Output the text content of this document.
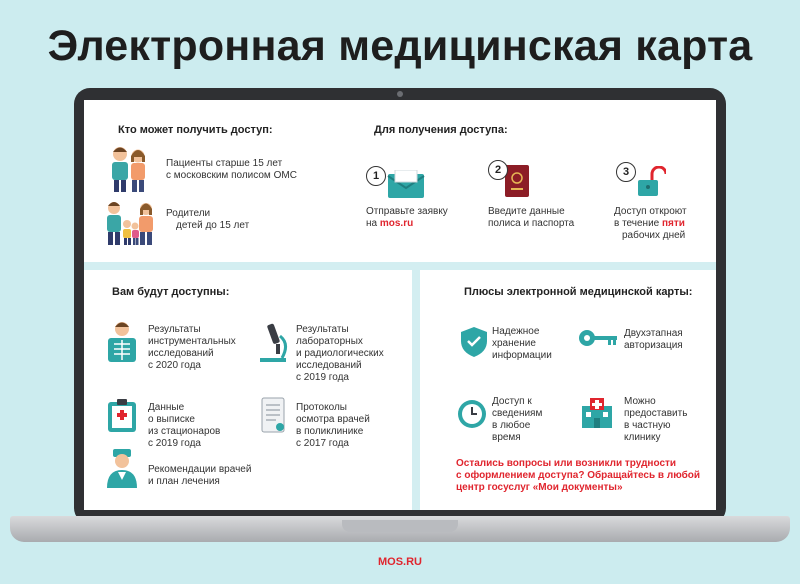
Электронная медицинская карта
Кто может получить доступ:
Пациенты старше 15 лет
с московским полисом ОМС
Родители
детей до 15 лет
Для получения доступа:
1
Отправьте заявку
на mos.ru
2
Введите данные
полиса и паспорта
3
Доступ откроют
в течение пяти
рабочих дней
Вам будут доступны:
Результаты
инструментальных
исследований
с 2020 года
Результаты
лабораторных
и радиологических
исследований
с 2019 года
Данные
о выписке
из стационаров
с 2019 года
Протоколы
осмотра врачей
в поликлинике
с 2017 года
Рекомендации врачей
и план лечения
Плюсы электронной медицинской карты:
Надежное
хранение
информации
Двухэтапная
авторизация
Доступ к
сведениям
в любое
время
Можно
предоставить
в частную
клинику
Остались вопросы или возникли трудности
с оформлением доступа? Обращайтесь в любой
центр госуслуг «Мои документы»
MOS.RU
